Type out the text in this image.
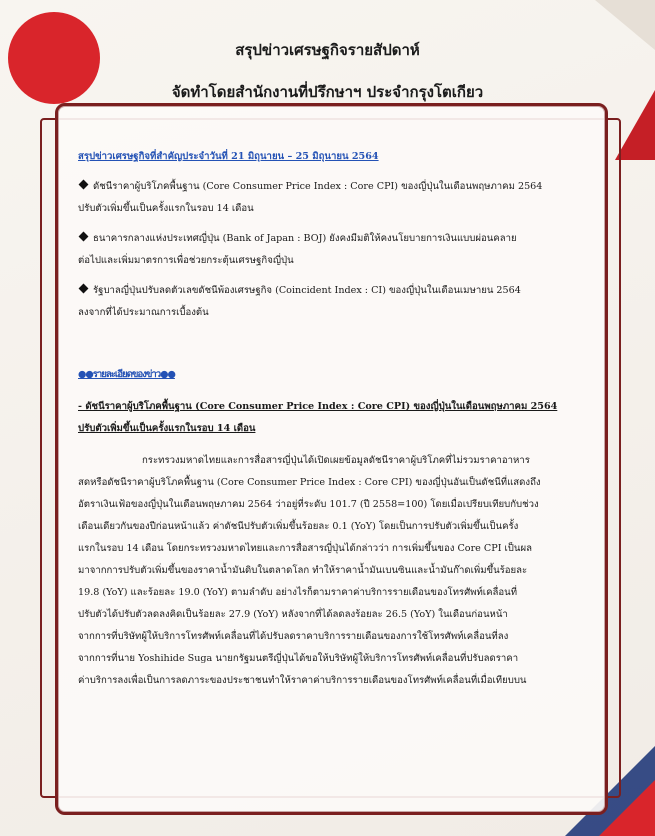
สรุปข่าวเศรษฐกิจรายสัปดาห์
จัดทำโดยสำนักงานที่ปรึกษาฯ ประจำกรุงโตเกียว
สรุปข่าวเศรษฐกิจที่สำคัญประจำวันที่ 21 มิถุนายน – 25 มิถุนายน 2564
ดัชนีราคาผู้บริโภคพื้นฐาน (Core Consumer Price Index : Core CPI) ของญี่ปุ่นในเดือนพฤษภาคม 2564
ปรับตัวเพิ่มขึ้นเป็นครั้งแรกในรอบ 14 เดือน
ธนาคารกลางแห่งประเทศญี่ปุ่น (Bank of Japan : BOJ) ยังคงมีมติให้คงนโยบายการเงินแบบผ่อนคลาย
ต่อไปและเพิ่มมาตรการเพื่อช่วยกระตุ้นเศรษฐกิจญี่ปุ่น
รัฐบาลญี่ปุ่นปรับลดตัวเลขดัชนีพ้องเศรษฐกิจ (Coincident Index : CI) ของญี่ปุ่นในเดือนเมษายน 2564
ลงจากที่ได้ประมาณการเบื้องต้น
●●รายละเอียดของข่าว●●
- ดัชนีราคาผู้บริโภคพื้นฐาน (Core Consumer Price Index : Core CPI) ของญี่ปุ่นในเดือนพฤษภาคม 2564
ปรับตัวเพิ่มขึ้นเป็นครั้งแรกในรอบ 14 เดือน
กระทรวงมหาดไทยและการสื่อสารญี่ปุ่นได้เปิดเผยข้อมูลดัชนีราคาผู้บริโภคที่ไม่รวมราคาอาหาร
สดหรือดัชนีราคาผู้บริโภคพื้นฐาน (Core Consumer Price Index : Core CPI) ของญี่ปุ่นอันเป็นดัชนีที่แสดงถึง
อัตราเงินเฟ้อของญี่ปุ่นในเดือนพฤษภาคม 2564 ว่าอยู่ที่ระดับ 101.7 (ปี 2558=100) โดยเมื่อเปรียบเทียบกับช่วง
เดือนเดียวกันของปีก่อนหน้าแล้ว ค่าดัชนีปรับตัวเพิ่มขึ้นร้อยละ 0.1 (YoY) โดยเป็นการปรับตัวเพิ่มขึ้นเป็นครั้ง
แรกในรอบ 14 เดือน โดยกระทรวงมหาดไทยและการสื่อสารญี่ปุ่นได้กล่าวว่า การเพิ่มขึ้นของ Core CPI เป็นผล
มาจากการปรับตัวเพิ่มขึ้นของราคาน้ำมันดิบในตลาดโลก ทำให้ราคาน้ำมันเบนซินและน้ำมันก๊าดเพิ่มขึ้นร้อยละ
19.8 (YoY) และร้อยละ 19.0 (YoY) ตามลำดับ อย่างไรก็ตามราคาค่าบริการรายเดือนของโทรศัพท์เคลื่อนที่
ปรับตัวได้ปรับตัวลดลงคิดเป็นร้อยละ 27.9 (YoY) หลังจากที่ได้ลดลงร้อยละ 26.5 (YoY) ในเดือนก่อนหน้า
จากการที่บริษัทผู้ให้บริการโทรศัพท์เคลื่อนที่ได้ปรับลดราคาบริการรายเดือนของการใช้โทรศัพท์เคลื่อนที่ลง
จากการที่นาย Yoshihide Suga นายกรัฐมนตรีญี่ปุ่นได้ขอให้บริษัทผู้ให้บริการโทรศัพท์เคลื่อนที่ปรับลดราคา
ค่าบริการลงเพื่อเป็นการลดภาระของประชาชนทำให้ราคาค่าบริการรายเดือนของโทรศัพท์เคลื่อนที่เมื่อเทียบบน
